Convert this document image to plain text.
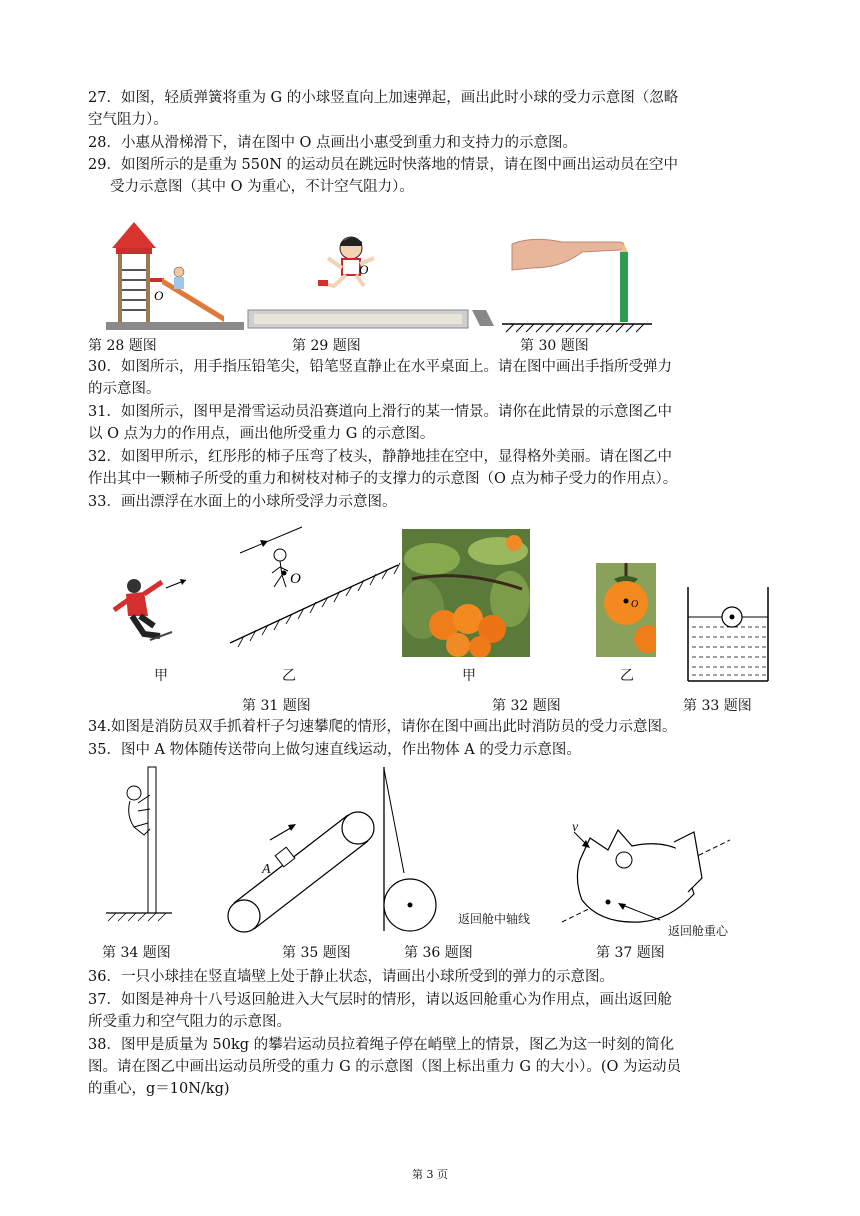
27．如图，轻质弹簧将重为 G 的小球竖直向上加速弹起，画出此时小球的受力示意图（忽略
空气阻力）。
28．小惠从滑梯滑下，请在图中 O 点画出小惠受到重力和支持力的示意图。
29．如图所示的是重为 550N 的运动员在跳远时快落地的情景，请在图中画出运动员在空中
受力示意图（其中 O 为重心，不计空气阻力）。
O
O
第 28 题图	第 29 题图	第 30 题图
30．如图所示，用手指压铅笔尖，铅笔竖直静止在水平桌面上。请在图中画出手指所受弹力
的示意图。
31．如图所示，图甲是滑雪运动员沿赛道向上滑行的某一情景。请你在此情景的示意图乙中
以 O 点为力的作用点，画出他所受重力 G 的示意图。
32．如图甲所示，红彤彤的柿子压弯了枝头，静静地挂在空中，显得格外美丽。请在图乙中
作出其中一颗柿子所受的重力和树枝对柿子的支撑力的示意图（O 点为柿子受力的作用点）。
33．画出漂浮在水面上的小球所受浮力示意图。
甲
O
乙	甲
O
乙
第 31 题图	第 32 题图	第 33 题图
34.如图是消防员双手抓着杆子匀速攀爬的情形，请你在图中画出此时消防员的受力示意图。
35．图中 A 物体随传送带向上做匀速直线运动，作出物体 A 的受力示意图。
A
v
返回舱中轴线
返回舱重心
第 34 题图	第 35 题图	第 36 题图	第 37 题图
36．一只小球挂在竖直墙壁上处于静止状态，请画出小球所受到的弹力的示意图。
37．如图是神舟十八号返回舱进入大气层时的情形，请以返回舱重心为作用点，画出返回舱
所受重力和空气阻力的示意图。
38．图甲是质量为 50kg 的攀岩运动员拉着绳子停在峭壁上的情景，图乙为这一时刻的简化
图。请在图乙中画出运动员所受的重力 G 的示意图（图上标出重力 G 的大小）。(O 为运动员
的重心，g＝10N/kg)
第 3 页
